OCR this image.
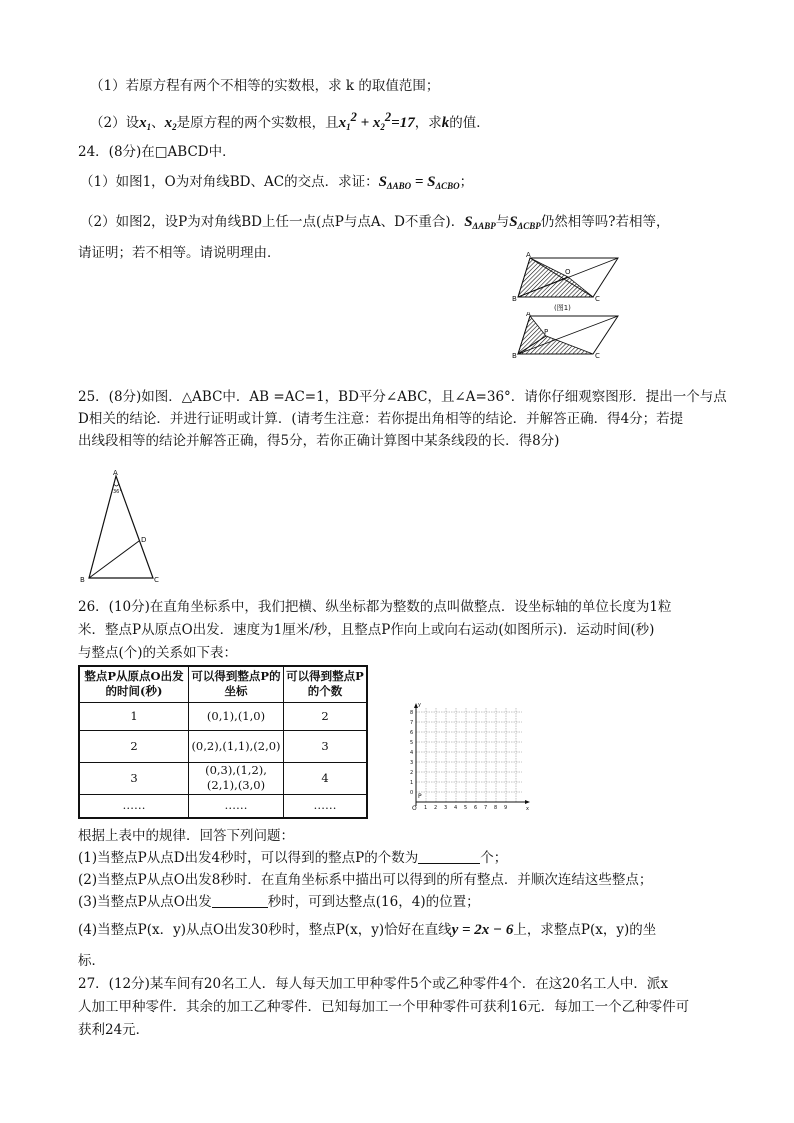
（1）若原方程有两个不相等的实数根，求 k 的取值范围；
（2）设$x_1$、$x_2$是原方程的两个实数根，且$x_1^2 + x_2^2=17$，求k的值．
24．(8分)在□ABCD中．
（1）如图1，O为对角线BD、AC的交点．求证：$S_{\Delta ABO} = S_{\Delta CBO}$；
（2）如图2，设P为对角线BD上任一点(点P与点A、D不重合)．$S_{\Delta ABP}$与$S_{\Delta CBP}$仍然相等吗?若相等，
请证明；若不相等。请说明理由．	A
B	C
O
(图1)
A
B	C
P
25．(8分)如图．△ABC中．AB =AC=1，BD平分∠ABC，且∠A=36°．请你仔细观察图形．提出一个与点
D相关的结论．并进行证明或计算．(请考生注意：若你提出角相等的结论．并解答正确．得4分；若提
出线段相等的结论并解答正确，得5分，若你正确计算图中某条线段的长．得8分)
A
B	C
D
36°
26．(10分)在直角坐标系中，我们把横、纵坐标都为整数的点叫做整点．设坐标轴的单位长度为1粒
米．整点P从原点O出发．速度为1厘米/秒，且整点P作向上或向右运动(如图所示)．运动时间(秒)
与整点(个)的关系如下表：
整点P从原点O出发的时间(秒)	可以得到整点P的坐标	可以得到整点P的个数
1	(0,1),(1,0)	2
2	(0,2),(1,1),(2,0)	3
3	(0,3),(1,2),(2,1),(3,0)	4
……	……	……
8
7
6
5
4
3
2
1
0
1 2 3 4 5 6 7 8 9
y
x
P
O
根据上表中的规律．回答下列问题：
(1)当整点P从点D出发4秒时，可以得到的整点P的个数为	个；
(2)当整点P从点O出发8秒时．在直角坐标系中描出可以得到的所有整点．并顺次连结这些整点；
(3)当整点P从点O出发	秒时，可到达整点(16，4)的位置；
(4)当整点P(x．y)从点O出发30秒时，整点P(x，y)恰好在直线y = 2x − 6上，求整点P(x，y)的坐
标．
27．(12分)某车间有20名工人．每人每天加工甲种零件5个或乙种零件4个．在这20名工人中．派x
人加工甲种零件．其余的加工乙种零件．已知每加工一个甲种零件可获利16元．每加工一个乙种零件可
获利24元．
